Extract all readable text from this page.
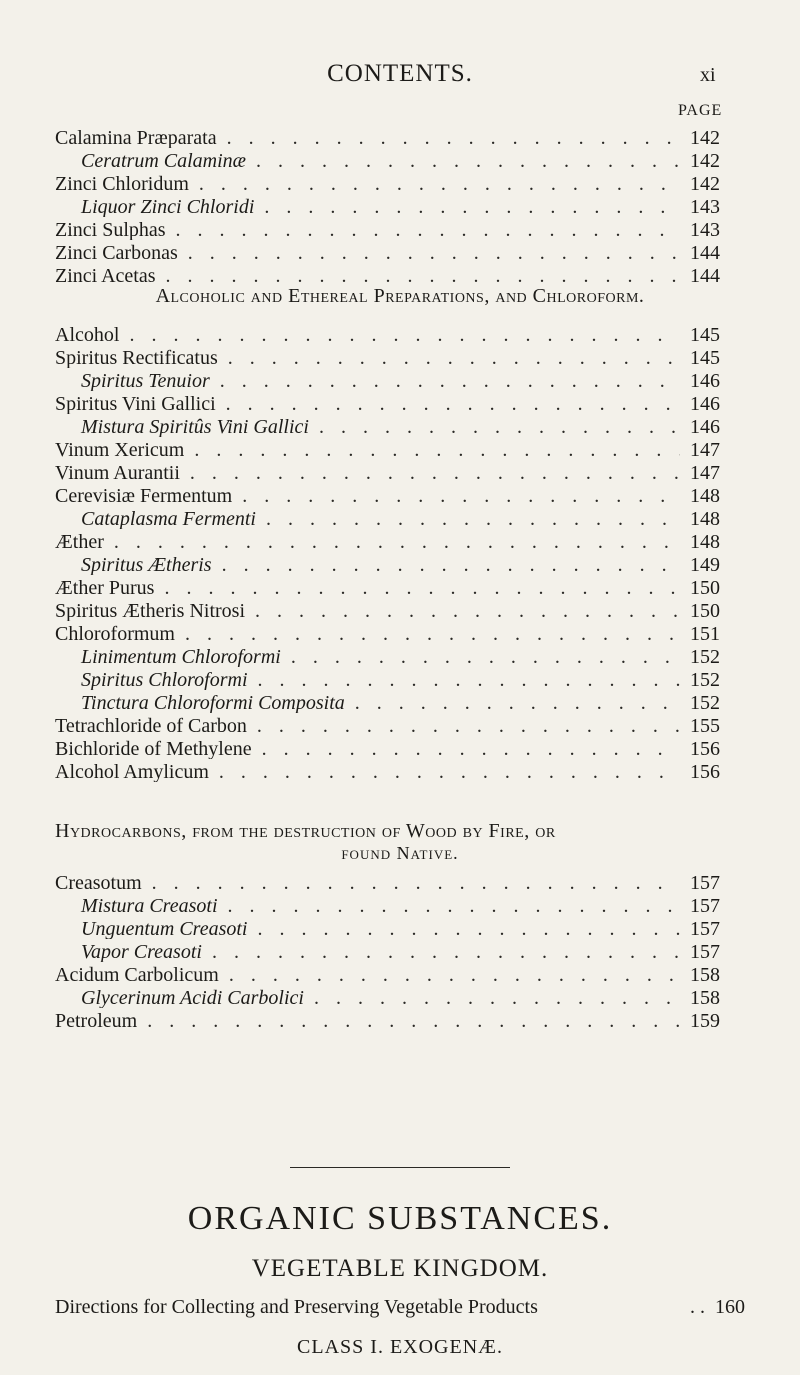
CONTENTS.	xi
PAGE
Calamina Præparata . . .	142
Ceratrum Calaminæ . . .	142
Zinci Chloridum . . .	142
Liquor Zinci Chloridi . . .	143
Zinci Sulphas . . .	143
Zinci Carbonas . . .	144
Zinci Acetas . . .	144
Alcoholic and Ethereal Preparations, and Chloroform.
Alcohol . . .	145
Spiritus Rectificatus . . .	145
Spiritus Tenuior . . .	146
Spiritus Vini Gallici . . .	146
Mistura Spiritûs Vini Gallici . . .	146
Vinum Xericum . . .	147
Vinum Aurantii . . .	147
Cerevisiæ Fermentum . . .	148
Cataplasma Fermenti . . .	148
Æther . . .	148
Spiritus Ætheris . . .	149
Æther Purus . . .	150
Spiritus Ætheris Nitrosi . . .	150
Chloroformum . . .	151
Linimentum Chloroformi . . .	152
Spiritus Chloroformi . . .	152
Tinctura Chloroformi Composita . . .	152
Tetrachloride of Carbon . . .	155
Bichloride of Methylene . . .	156
Alcohol Amylicum . . .	156
Hydrocarbons, from the destruction of Wood by Fire, or
found Native.
Creasotum . . .	157
Mistura Creasoti . . .	157
Unguentum Creasoti . . .	157
Vapor Creasoti . . .	157
Acidum Carbolicum . . .	158
Glycerinum Acidi Carbolici . . .	158
Petroleum . . .	159
ORGANIC SUBSTANCES.
VEGETABLE KINGDOM.
Directions for Collecting and Preserving Vegetable Products	. . 160
CLASS I. EXOGENÆ.
